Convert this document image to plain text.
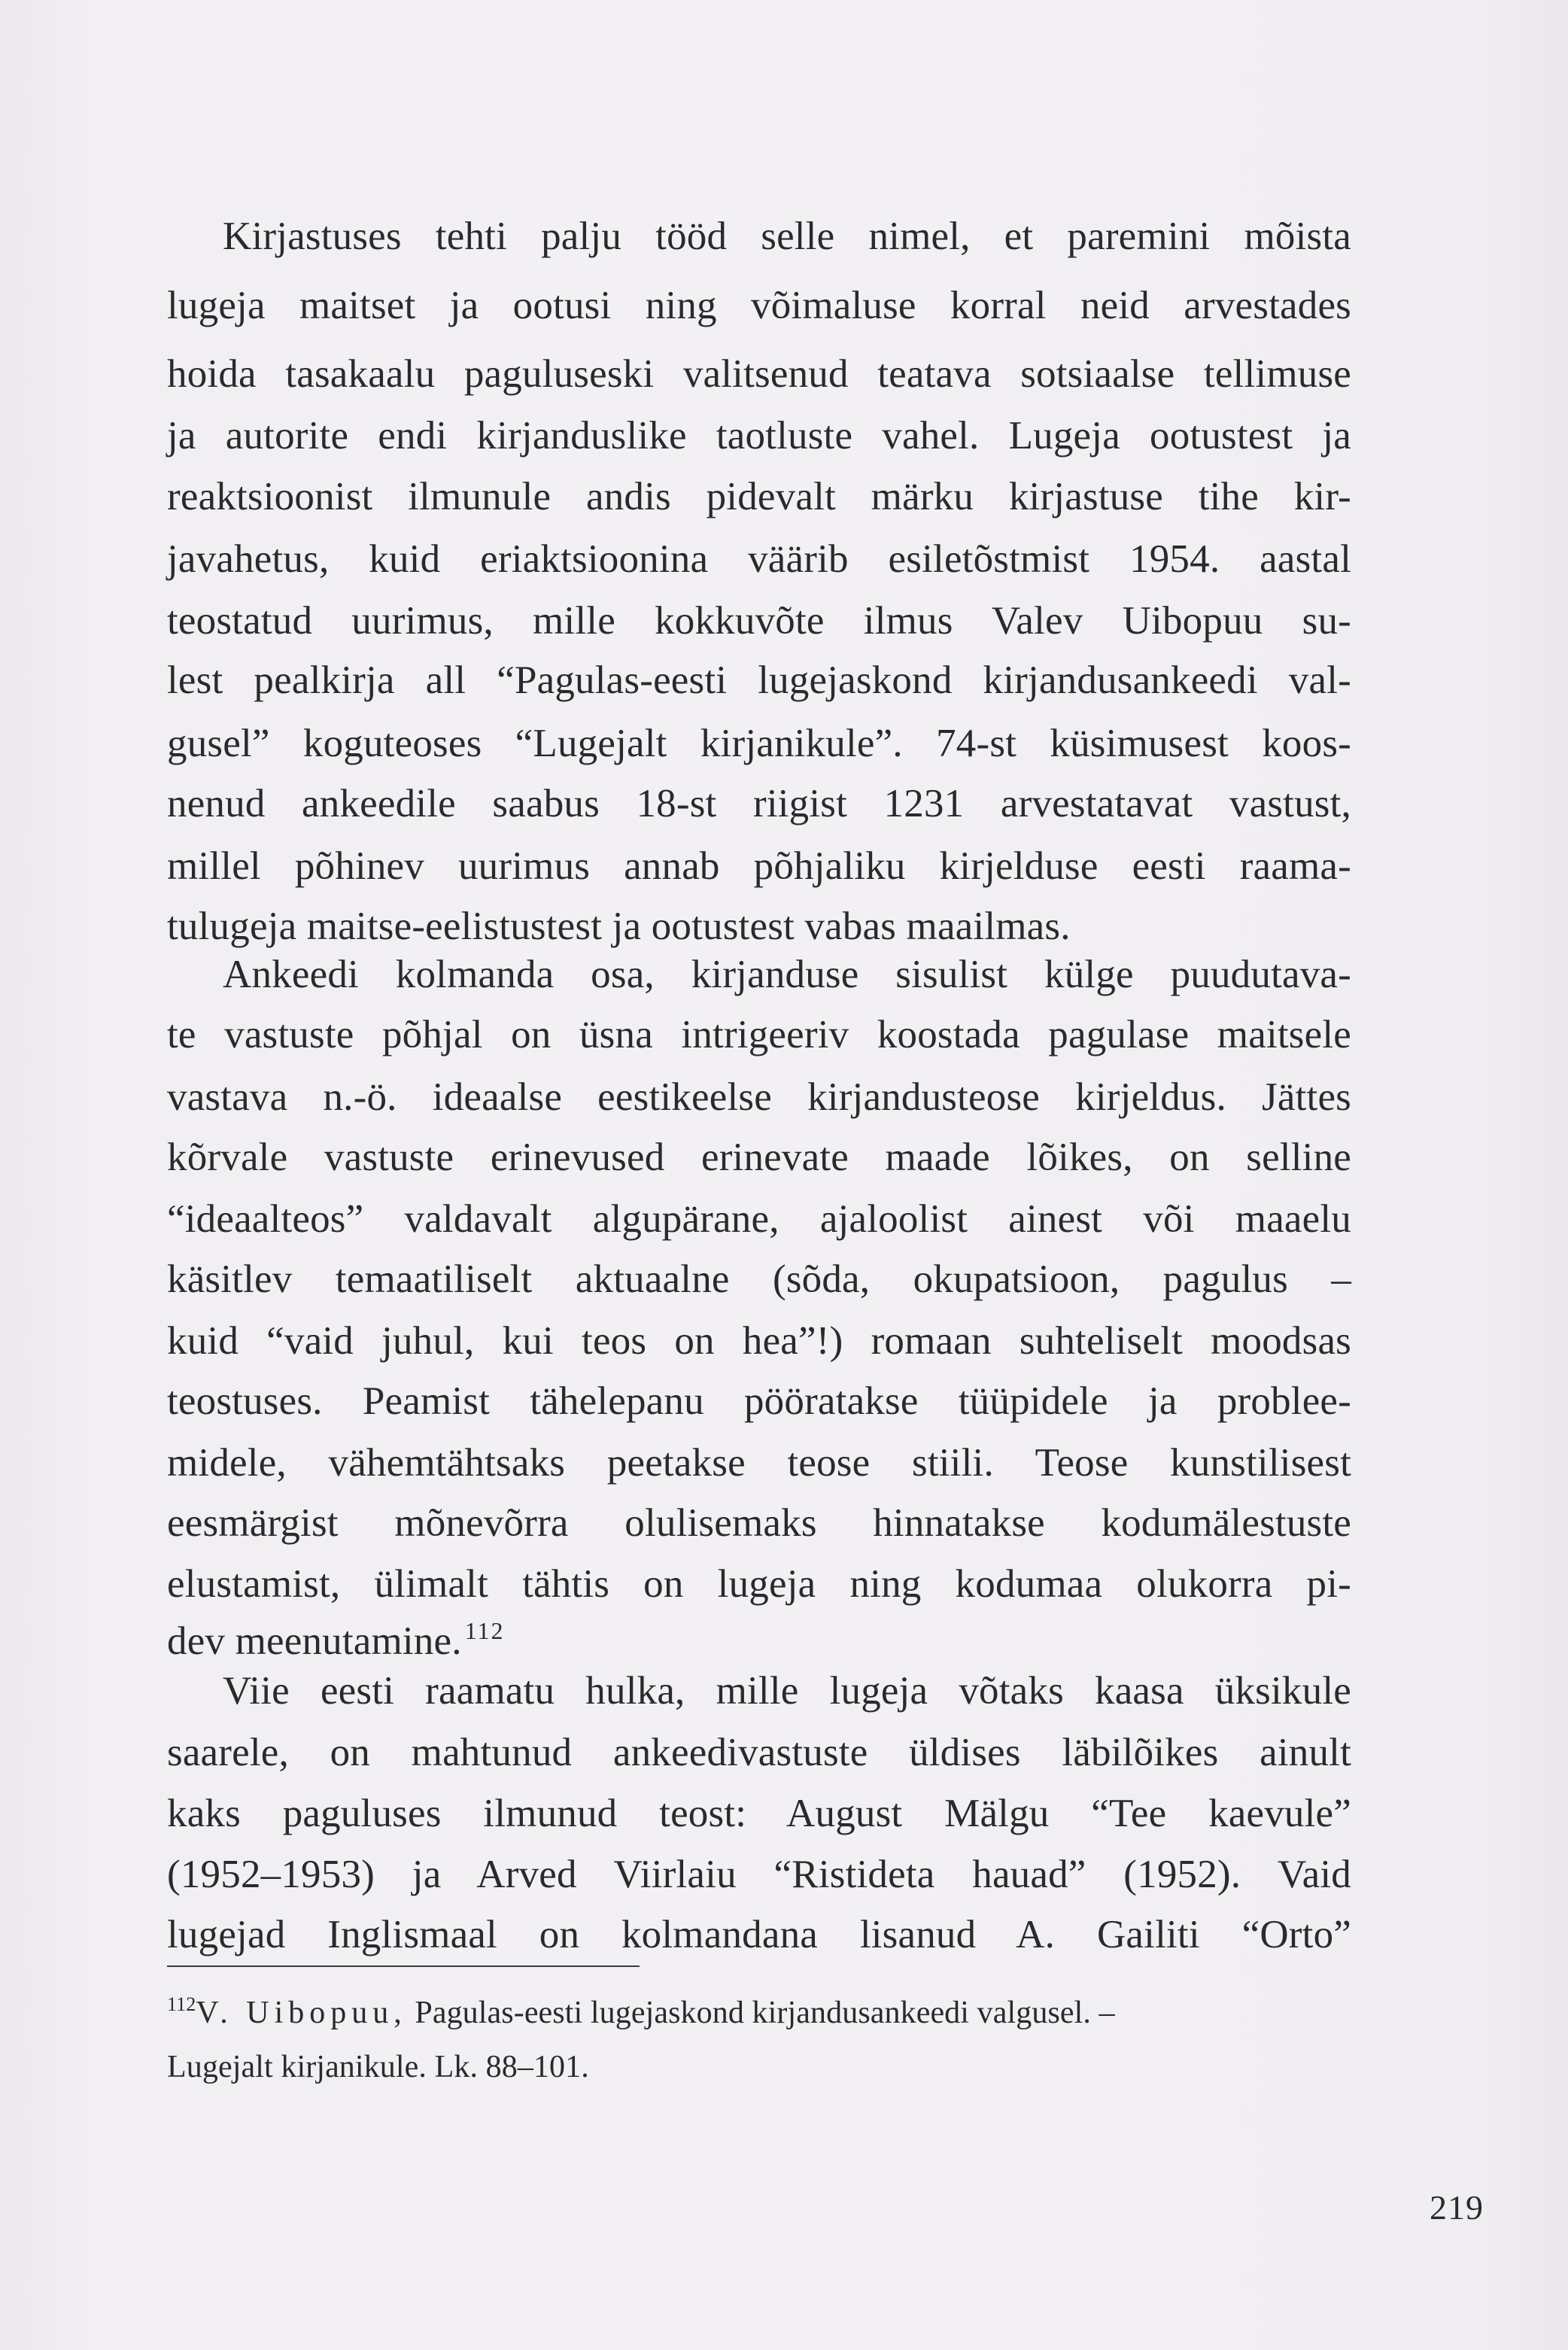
Kirjastuses tehti palju tööd selle nimel, et paremini mõista
lugeja maitset ja ootusi ning võimaluse korral neid arvestades
hoida tasakaalu paguluseski valitsenud teatava sotsiaalse tellimuse
ja autorite endi kirjanduslike taotluste vahel. Lugeja ootustest ja
reaktsioonist ilmunule andis pidevalt märku kirjastuse tihe kir-
javahetus, kuid eriaktsioonina väärib esiletõstmist 1954. aastal
teostatud uurimus, mille kokkuvõte ilmus Valev Uibopuu su-
lest pealkirja all “Pagulas-eesti lugejaskond kirjandusankeedi val-
gusel” koguteoses “Lugejalt kirjanikule”. 74-st küsimusest koos-
nenud ankeedile saabus 18-st riigist 1231 arvestatavat vastust,
millel põhinev uurimus annab põhjaliku kirjelduse eesti raama-
tulugeja maitse-eelistustest ja ootustest vabas maailmas.
Ankeedi kolmanda osa, kirjanduse sisulist külge puudutava-
te vastuste põhjal on üsna intrigeeriv koostada pagulase maitsele
vastava n.-ö. ideaalse eestikeelse kirjandusteose kirjeldus. Jättes
kõrvale vastuste erinevused erinevate maade lõikes, on selline
“ideaalteos” valdavalt algupärane, ajaloolist ainest või maaelu
käsitlev temaatiliselt aktuaalne (sõda, okupatsioon, pagulus –
kuid “vaid juhul, kui teos on hea”!) romaan suhteliselt moodsas
teostuses. Peamist tähelepanu pööratakse tüüpidele ja problee-
midele, vähemtähtsaks peetakse teose stiili. Teose kunstilisest
eesmärgist mõnevõrra olulisemaks hinnatakse kodumälestuste
elustamist, ülimalt tähtis on lugeja ning kodumaa olukorra pi-
dev meenutamine. $^{112}$
Viie eesti raamatu hulka, mille lugeja võtaks kaasa üksikule
saarele, on mahtunud ankeedivastuste üldises läbilõikes ainult
kaks paguluses ilmunud teost: August Mälgu “Tee kaevule”
(1952–1953) ja Arved Viirlaiu “Ristideta hauad” (1952). Vaid
lugejad Inglismaal on kolmandana lisanud A. Gailiti “Orto”
$^{112}$V. Uibopuu, Pagulas-eesti lugejaskond kirjandusankeedi valgusel. –
Lugejalt kirjanikule. Lk. 88–101.
219
